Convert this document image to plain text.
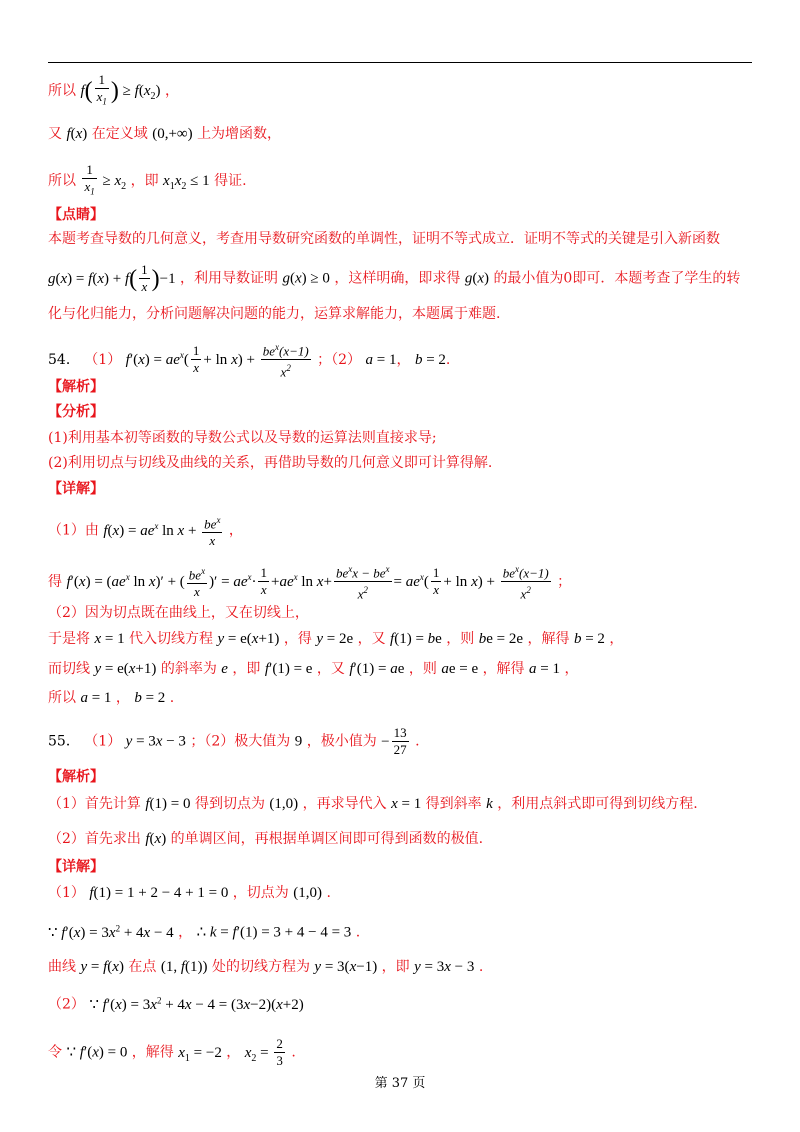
所以 $f( \frac{1}{x_1}$ ) ≥ $f(x_2)$ ，
又 f(x) 在定义域 (0,+∞) 上为增函数，
所以 $\frac{1}{x_1} \ge x_2$ ，即 $x_1x_2 \le 1$ 得证.
【点睛】
本题考查导数的几何意义，考查用导数研究函数的单调性，证明不等式成立．证明不等式的关键是引入新函数
$g(x) = f(x) + f( \frac{1}{x} )-1$ ，利用导数证明 g(x) ≥ 0 ，这样明确，即求得 g(x) 的最小值为0即可．本题考查了学生的转
化与化归能力，分析问题解决问题的能力，运算求解能力，本题属于难题.
54． （1） $f'(x) = ae^x( \frac{1}{x} + \ln x) + \frac{be^x(x-1)}{x^2}$ ；（2） a = 1， b = 2.
【解析】
【分析】
(1)利用基本初等函数的导数公式以及导数的运算法则直接求导;
(2)利用切点与切线及曲线的关系，再借助导数的几何意义即可计算得解.
【详解】
（1）由 $f(x) = ae^x$ $\ln x + \frac{be^x}{x}$ ，
得 $f'(x) = (ae^x$ ln x)′ + ( $\frac{be^x}{x}$ )′ = $ae^x\cdot \frac{1}{x} +ae^x$ $\ln x+ \frac{be^xx - be^x}{x^2} = ae^x( \frac{1}{x} + \ln x) + \frac{be^x(x-1)}{x^2}$ ；
（2）因为切点既在曲线上，又在切线上，
于是将 x = 1 代入切线方程 y = e(x+1) ，得 y = 2e ，又 f(1) = be ，则 be = 2e ，解得 b = 2 ，
而切线 y = e(x+1) 的斜率为 e ，即 f′(1) = e ，又 f′(1) = ae ，则 ae = e ，解得 a = 1 ，
所以 a = 1 ， b = 2 .
55． （1） y = 3x − 3 ；（2）极大值为 9 ，极小值为 − $\frac{13}{27}$ .
【解析】
（1）首先计算 f(1) = 0 得到切点为 (1,0) ，再求导代入 x = 1 得到斜率 k ，利用点斜式即可得到切线方程.
（2）首先求出 f(x) 的单调区间，再根据单调区间即可得到函数的极值.
【详解】
（1） f(1) = 1 + 2 − 4 + 1 = 0 ，切点为 (1,0) .
∵ $f'(x) = 3x^2 + 4x - 4$ ， ∴ k = f′(1) = 3 + 4 − 4 = 3 .
曲线 y = f(x) 在点 (1, f(1)) 处的切线方程为 y = 3(x−1) ，即 y = 3x − 3 .
（2） ∵ $f'(x) = 3x^2 + 4x - 4 = (3x-2)(x+2)$
令 ∵ f′(x) = 0 ，解得 $x_1 = -2$ ， $x_2 = \frac{2}{3}$ .
第 37 页
